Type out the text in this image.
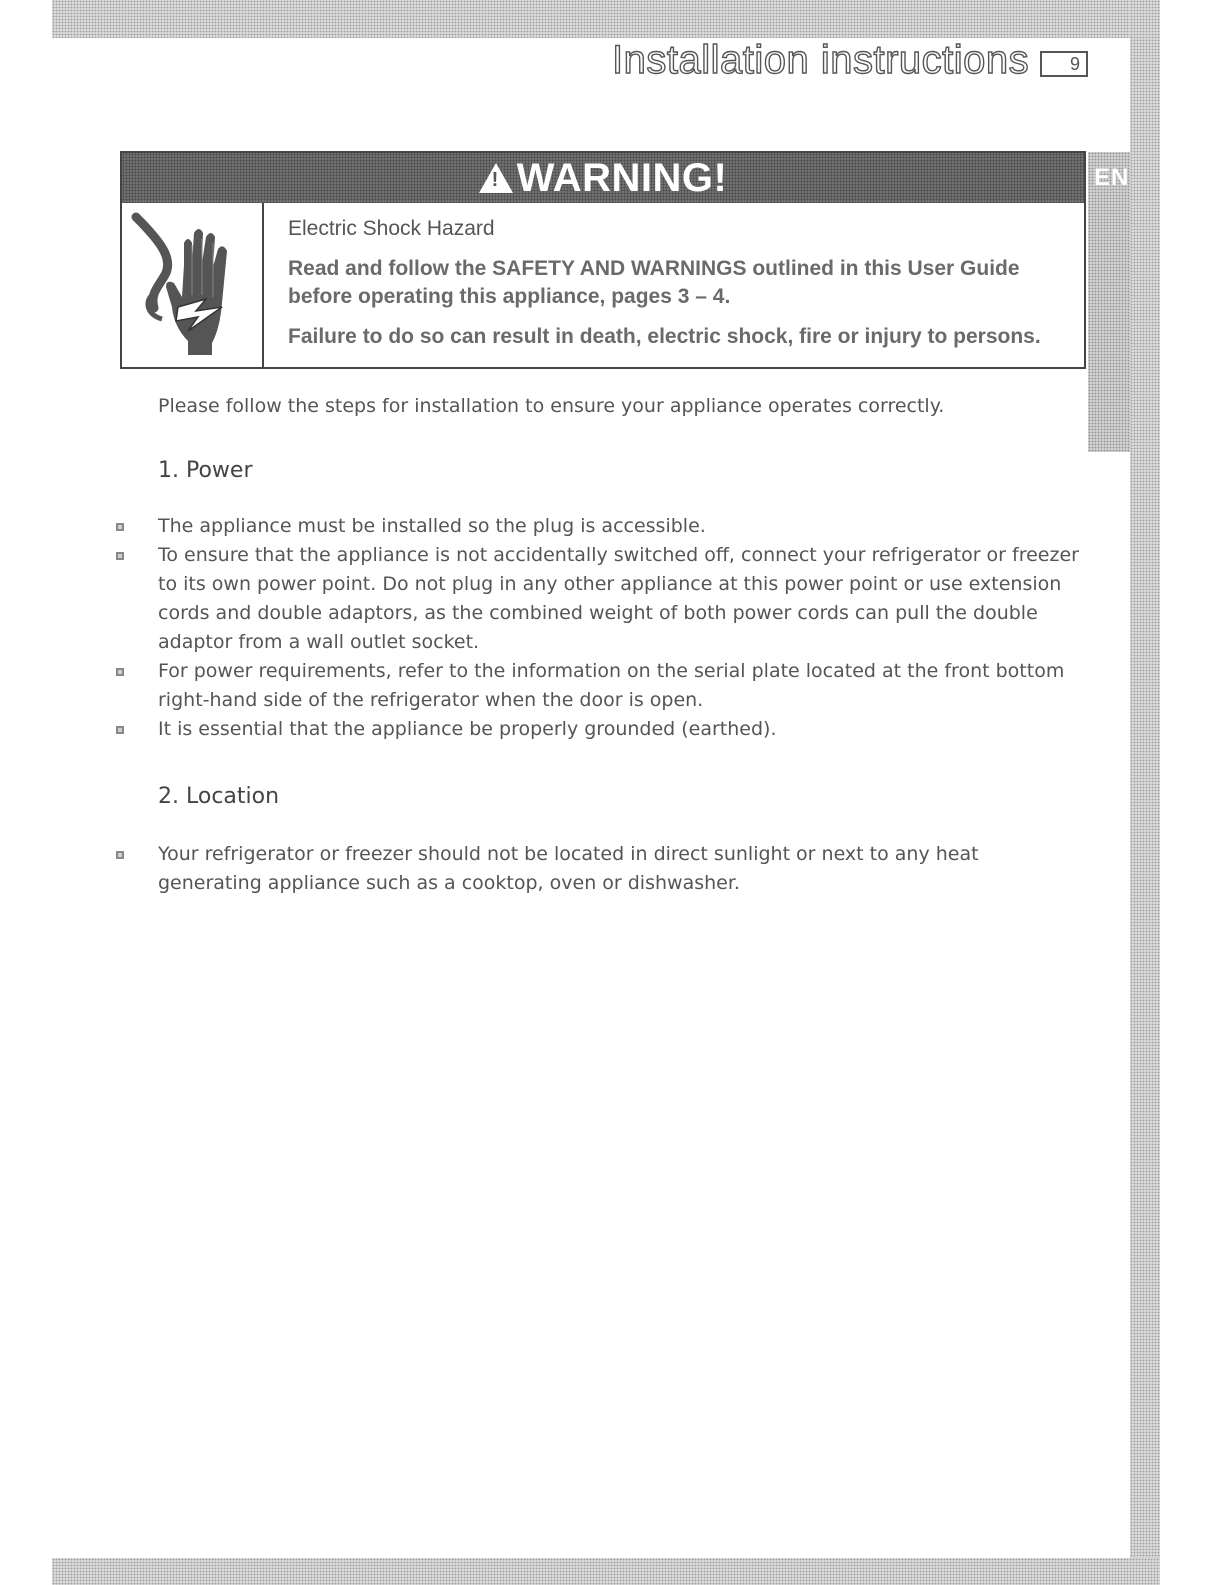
EN
Installation instructions	9
!
WARNING!

Electric Shock Hazard

Read and follow the SAFETY AND WARNINGS outlined in this User Guide before operating this appliance, pages 3 – 4.

Failure to do so can result in death, electric shock, fire or injury to persons.

Please follow the steps for installation to ensure your appliance operates correctly.
1. Power
The appliance must be installed so the plug is accessible.
To ensure that the appliance is not accidentally switched off, connect your refrigerator or freezer to its own power point. Do not plug in any other appliance at this power point or use extension cords and double adaptors, as the combined weight of both power cords can pull the double adaptor from a wall outlet socket.
For power requirements, refer to the information on the serial plate located at the front bottom right-hand side of the refrigerator when the door is open.
It is essential that the appliance be properly grounded (earthed).
2. Location
Your refrigerator or freezer should not be located in direct sunlight or next to any heat generating appliance such as a cooktop, oven or dishwasher.
